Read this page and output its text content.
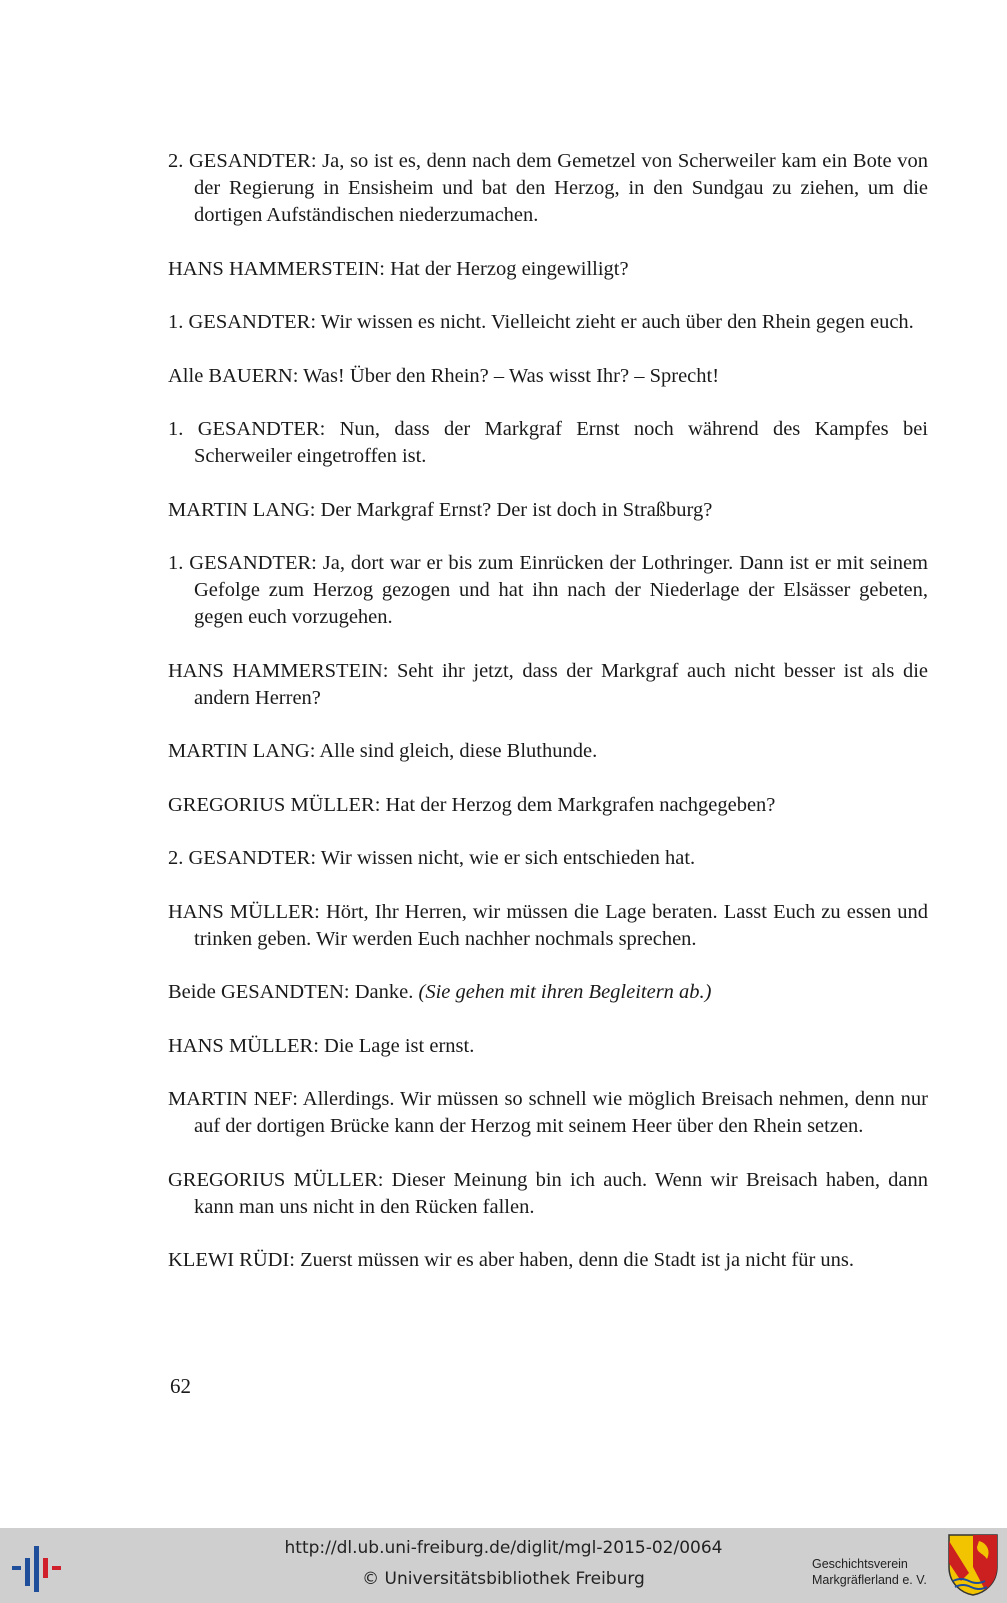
2. GESANDTER: Ja, so ist es, denn nach dem Gemetzel von Scherweiler kam ein Bote von der Regierung in Ensisheim und bat den Herzog, in den Sundgau zu ziehen, um die dortigen Aufständischen niederzumachen.

HANS HAMMERSTEIN: Hat der Herzog eingewilligt?

1. GESANDTER: Wir wissen es nicht. Vielleicht zieht er auch über den Rhein gegen euch.

Alle BAUERN: Was! Über den Rhein? – Was wisst Ihr? – Sprecht!

1. GESANDTER: Nun, dass der Markgraf Ernst noch während des Kampfes bei Scherweiler eingetroffen ist.

MARTIN LANG: Der Markgraf Ernst? Der ist doch in Straßburg?

1. GESANDTER: Ja, dort war er bis zum Einrücken der Lothringer. Dann ist er mit seinem Gefolge zum Herzog gezogen und hat ihn nach der Niederlage der Elsässer gebeten, gegen euch vorzugehen.

HANS HAMMERSTEIN: Seht ihr jetzt, dass der Markgraf auch nicht besser ist als die andern Herren?

MARTIN LANG: Alle sind gleich, diese Bluthunde.

GREGORIUS MÜLLER: Hat der Herzog dem Markgrafen nachgegeben?

2. GESANDTER: Wir wissen nicht, wie er sich entschieden hat.

HANS MÜLLER: Hört, Ihr Herren, wir müssen die Lage beraten. Lasst Euch zu essen und trinken geben. Wir werden Euch nachher nochmals sprechen.

Beide GESANDTEN: Danke. (Sie gehen mit ihren Begleitern ab.)

HANS MÜLLER: Die Lage ist ernst.

MARTIN NEF: Allerdings. Wir müssen so schnell wie möglich Breisach nehmen, denn nur auf der dortigen Brücke kann der Herzog mit seinem Heer über den Rhein setzen.

GREGORIUS MÜLLER: Dieser Meinung bin ich auch. Wenn wir Breisach haben, dann kann man uns nicht in den Rücken fallen.

KLEWI RÜDI: Zuerst müssen wir es aber haben, denn die Stadt ist ja nicht für uns.

62
http://dl.ub.uni-freiburg.de/diglit/mgl-2015-02/0064
© Universitätsbibliothek Freiburg
Geschichtsverein
Markgräflerland e. V.
